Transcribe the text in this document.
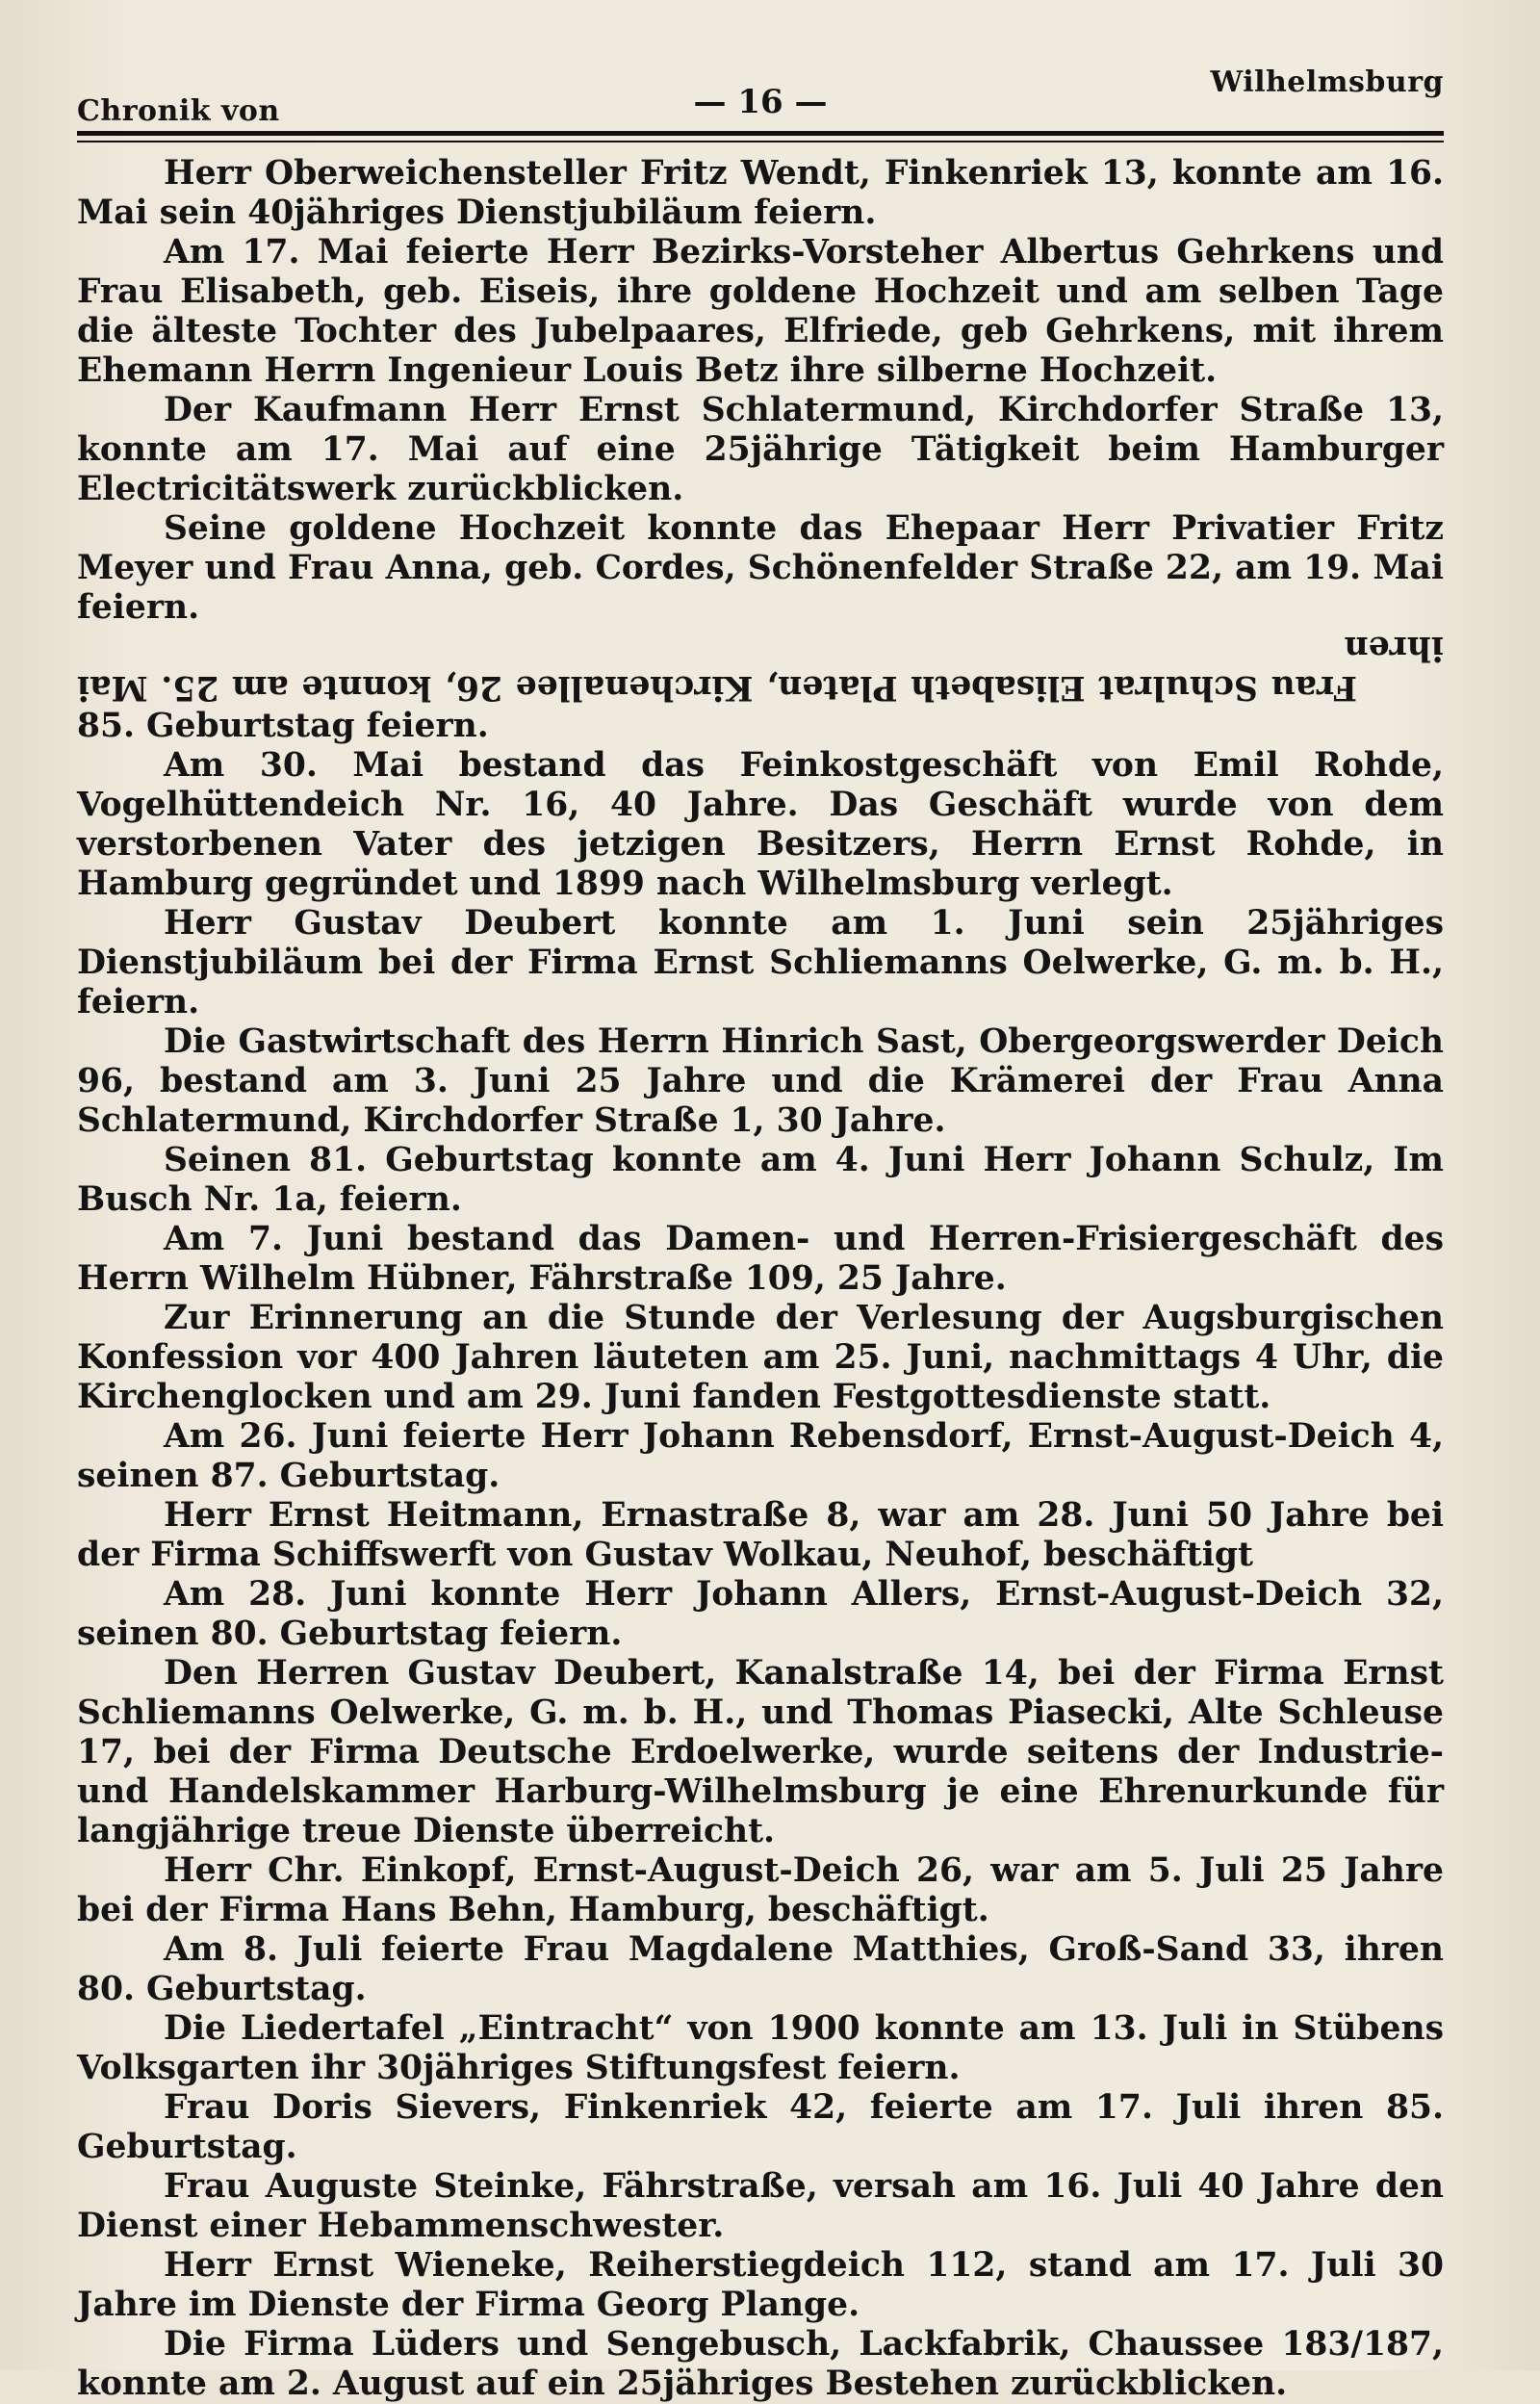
Chronik von	— 16 —
Wilhelmsburg

Herr Oberweichensteller Fritz Wendt, Finkenriek 13, konnte am 16. Mai sein 40jähriges Dienstjubiläum feiern.

Am 17. Mai feierte Herr Bezirks-Vorsteher Albertus Gehrkens und Frau Elisabeth, geb. Eiseis, ihre goldene Hochzeit und am selben Tage die älteste Tochter des Jubelpaares, Elfriede, geb Gehrkens, mit ihrem Ehemann Herrn Ingenieur Louis Betz ihre silberne Hochzeit.

Der Kaufmann Herr Ernst Schlatermund, Kirchdorfer Straße 13, konnte am 17. Mai auf eine 25jährige Tätigkeit beim Hamburger Electricitätswerk zurückblicken.

Seine goldene Hochzeit konnte das Ehepaar Herr Privatier Fritz Meyer und Frau Anna, geb. Cordes, Schönenfelder Straße 22, am 19. Mai feiern.

Frau Schulrat Elisabeth Platen, Kirchenallee 26, konnte am 25. Mai ihren

85. Geburtstag feiern.

Am 30. Mai bestand das Feinkostgeschäft von Emil Rohde, Vogelhüttendeich Nr. 16, 40 Jahre. Das Geschäft wurde von dem verstorbenen Vater des jetzigen Besitzers, Herrn Ernst Rohde, in Hamburg gegründet und 1899 nach Wilhelmsburg verlegt.

Herr Gustav Deubert konnte am 1. Juni sein 25jähriges Dienstjubiläum bei der Firma Ernst Schliemanns Oelwerke, G. m. b. H., feiern.

Die Gastwirtschaft des Herrn Hinrich Sast, Obergeorgswerder Deich 96, bestand am 3. Juni 25 Jahre und die Krämerei der Frau Anna Schlatermund, Kirchdorfer Straße 1, 30 Jahre.

Seinen 81. Geburtstag konnte am 4. Juni Herr Johann Schulz, Im Busch Nr. 1a, feiern.

Am 7. Juni bestand das Damen- und Herren-Frisiergeschäft des Herrn Wilhelm Hübner, Fährstraße 109, 25 Jahre.

Zur Erinnerung an die Stunde der Verlesung der Augsburgischen Konfession vor 400 Jahren läuteten am 25. Juni, nachmittags 4 Uhr, die Kirchenglocken und am 29. Juni fanden Festgottesdienste statt.

Am 26. Juni feierte Herr Johann Rebensdorf, Ernst-August-Deich 4, seinen 87. Geburtstag.

Herr Ernst Heitmann, Ernastraße 8, war am 28. Juni 50 Jahre bei der Firma Schiffswerft von Gustav Wolkau, Neuhof, beschäftigt

Am 28. Juni konnte Herr Johann Allers, Ernst-August-Deich 32, seinen 80. Geburtstag feiern.

Den Herren Gustav Deubert, Kanalstraße 14, bei der Firma Ernst Schliemanns Oelwerke, G. m. b. H., und Thomas Piasecki, Alte Schleuse 17, bei der Firma Deutsche Erdoelwerke, wurde seitens der Industrie- und Handelskammer Harburg-Wilhelmsburg je eine Ehrenurkunde für langjährige treue Dienste überreicht.

Herr Chr. Einkopf, Ernst-August-Deich 26, war am 5. Juli 25 Jahre bei der Firma Hans Behn, Hamburg, beschäftigt.

Am 8. Juli feierte Frau Magdalene Matthies, Groß-Sand 33, ihren 80. Geburtstag.

Die Liedertafel „Eintracht“ von 1900 konnte am 13. Juli in Stübens Volksgarten ihr 30jähriges Stiftungsfest feiern.

Frau Doris Sievers, Finkenriek 42, feierte am 17. Juli ihren 85. Geburtstag.

Frau Auguste Steinke, Fährstraße, versah am 16. Juli 40 Jahre den Dienst einer Hebammenschwester.

Herr Ernst Wieneke, Reiherstiegdeich 112, stand am 17. Juli 30 Jahre im Dienste der Firma Georg Plange.

Die Firma Lüders und Sengebusch, Lackfabrik, Chaussee 183/187, konnte am 2. August auf ein 25jähriges Bestehen zurückblicken.
